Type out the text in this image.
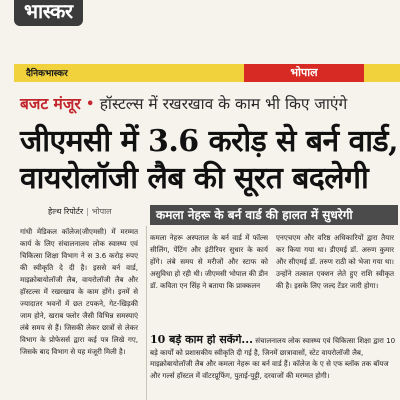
भास्कर
दैनिकभास्कर	भोपाल
बजट मंजूर • हॉस्टल्स में रखरखाव के काम भी किए जाएंगे
जीएमसी में 3.6 करोड़ से बर्न वार्ड,
वायरोलॉजी लैब की सूरत बदलेगी
हेल्थ रिपोर्टर | भोपाल	कमला नेहरू के बर्न वार्ड की हालत में सुधरेगी
गांधी मेडिकल कॉलेज(जीएमसी) में मरम्मत कार्य के लिए संचालनालय लोक स्वास्थ्य एवं चिकित्सा शिक्षा विभाग ने स 3.6 करोड़ रुपए की स्वीकृति दे दी है। इससे बर्न वार्ड, माइक्रोबायोलॉजी लैब, वायरोलॉजी लैब और हॉस्टल्स में रखरखाव के काम होंगे। इनमें से ज्यादातर भवनों में छत टपकने, गेट-खिड़की जाम होने, खराब फ्लोर जैसी विभिन्न समस्याएं लंबे समय से हैं। जिसकी लेकर छात्रों से लेकर विभाग के प्रोफेसर्स द्वारा कई पत्र लिखे गए, जिसके बाद विभाग से यह मंजूरी मिली है।
कमला नेहरू अस्पताल के बर्न वार्ड में फॉल्स सीलिंग, पेंटिंग और इंटीरियर सुधार के कार्य होंगे। लंबे समय से मरीजों और स्टाफ को असुविधा हो रही थी। जीएमसी भोपाल की डीन डॉ. कविता एन सिंह ने बताया कि प्राक्कलन
एनएचएम और वरिष्ठ अधिकारियों द्वारा तैयार कर किया गया था। डीएमई डॉ. अरुण कुमार और सीएमई डॉ. तरुण राठी को भेजा गया था। उन्होंने तत्काल एक्शन लेते हुए राशि स्वीकृत की है। इसके लिए जल्द टेंडर जारी होगा।
10 बड़े काम हो सकेंगे... संचालनालय लोक स्वास्थ्य एवं चिकित्सा शिक्षा द्वारा 10 बड़े कार्यों को प्रशासकीय स्वीकृति दी गई है, जिनमें छात्रावासों, स्टेट वायरोलॉजी लैब, माइक्रोबायोलॉजी लैब और कमला नेहरू का बर्न वार्ड हैं। कॉलेज के ए से एफ ब्लॉक तक बॉयज और गर्ल्स हॉस्टल में वॉटरप्रूफिंग, पुताई-पुट्टी, दरवाजों की मरम्मत होगी।
